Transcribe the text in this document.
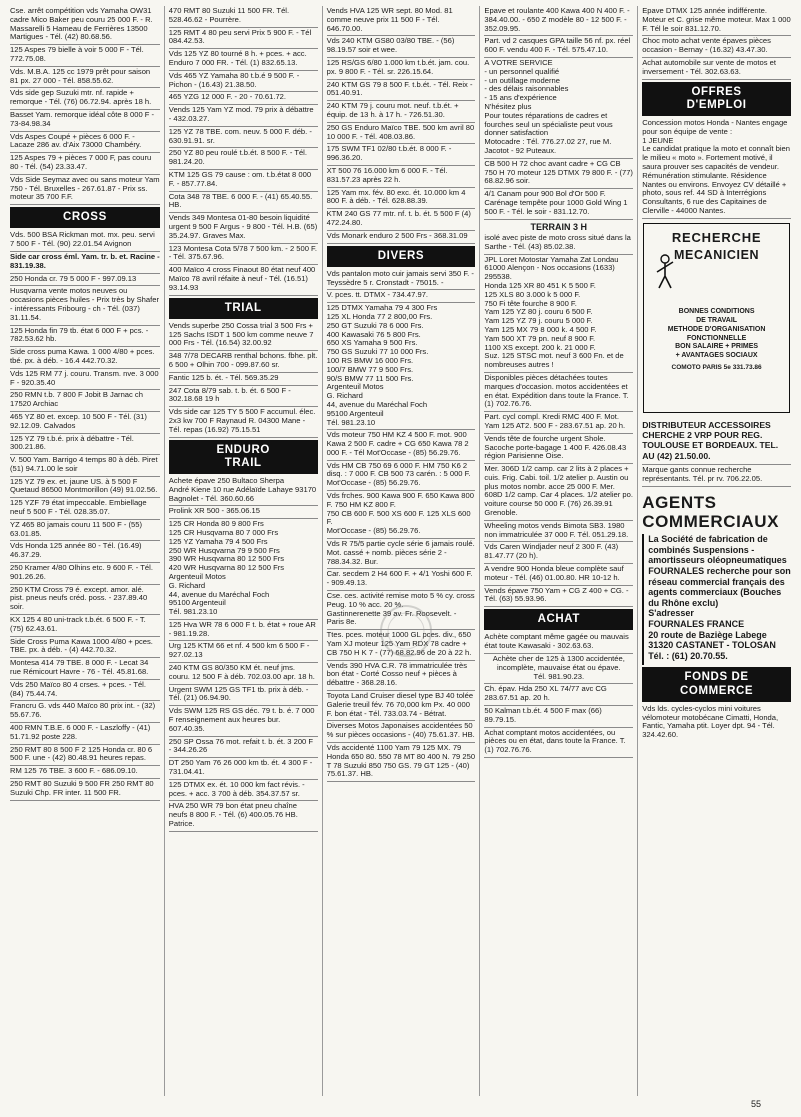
Cse. arrêt compétition vds Yamaha OW31 cadre Mico Baker peu couru 25 000 F. - R. Massarelli 5 Hameau de Ferrières 13500 Martigues - Tél. (42) 80.68.56.
125 Aspes 79 bielle à voir 5 000 F - Tél. 772.75.08.
Vds. M.B.A. 125 cc 1979 prêt pour saison 81 px. 27 000 - Tél. 858.55.62.
Vds side gep Suzuki mtr. nf. rapide + remorque - Tél. (76) 06.72.94. après 18 h.
Basset Yam. remorque idéal côte 8 000 F - 73-84.98.34
Vds Aspes Coupé + pièces 6 000 F. - Lacaze 286 av. d'Aix 73000 Chambéry.
125 Aspes 79 + pièces 7 000 F, pas couru 80 - Tél. (54) 23.33.47.
Vds Side Seymaz avec ou sans moteur Yam 750 - Tél. Bruxelles - 267.61.87 - Prix ss. moteur 35 700 F.F.
CROSS
Vds. 500 BSA Rickman mot. mx. peu. servi 7 500 F - Tél. (90) 22.01.54 Avignon
Side car cross éml. Yam. tr. b. et. Racine - 831.19.38.
250 Honda cr. 79 5 000 F - 997.09.13
Husqvarna vente motos neuves ou occasions pièces huiles - Prix très by Shafer - intéressants Fribourg - ch - Tél. (037) 31.11.54.
125 Honda fin 79 tb. état 6 000 F + pcs. - 782.53.62 hb.
Side cross puma Kawa. 1 000 4/80 + pces. tbé. px. à déb. - 16.4 442.70.32.
Vds 125 RM 77 j. couru. Transm. nve. 3 000 F - 920.35.40
250 RMN t.b. 7 800 F Jobit B Jarnac ch 17520 Archiac
465 YZ 80 et. excep. 10 500 F - Tél. (31) 92.12.09. Calvados
125 YZ 79 t.b.é. prix à débattre - Tél. 300.21.86.
V. 500 Yam. Barrigo 4 temps 80 à déb. Piret (51) 94.71.00 le soir
125 YZ 79 ex. et. jaune US. à 5 500 F Quetaud 86500 Montmorillon (49) 91.02.56.
125 YZF 79 état impeccable. Embiellage neuf 5 500 F - Tél. 028.35.07.
YZ 465 80 jamais couru 11 500 F - (55) 63.01.85.
Vds Honda 125 année 80 - Tél. (16.49) 46.37.29.
250 Kramer 4/80 Olhins etc. 9 600 F. - Tél. 901.26.26.
250 KTM Cross 79 é. except. amor. alé. pist. pneus neufs créd. poss. - 237.89.40 soir.
KX 125 4 80 uni-track t.b.ét. 6 500 F. - T. (75) 62.43.61.
Side Cross Puma Kawa 1000 4/80 + pces. TBE. px. à déb. - (4) 442.70.32.
Montesa 414 79 TBE. 8 000 F. - Lecat 34 rue Rémicourt Havre - 76 - Tél. 45.81.68.
Vds 250 Maïco 80 4 crses. + pces. - Tél. (84) 75.44.74.
Francru G. vds 440 Maïco 80 prix int. - (32) 55.67.76.
400 RMN T.B.E. 6 000 F. - Laszloffy - (41) 51.71.92 poste 228.
250 RMT 80 8 500 F 2 125 Honda cr. 80 6 500 F. une - (42) 80.48.91 heures repas.
RM 125 76 TBE. 3 600 F. - 686.09.10.
250 RMT 80 Suzuki 9 500 FR 250 RMT 80 Suzuki Chp. FR inter. 11 500 FR.
470 RMT 80 Suzuki 11 500 FR. Tél. 528.46.62 - Pourrère.
125 RMT 4 80 peu servi Prix 5 900 F. - Tél 084.42.53.
Vds 125 YZ 80 tourné 8 h. + pces. + acc. Enduro 7 000 FR. - Tél. (1) 832.65.13.
Vds 465 YZ Yamaha 80 t.b.é 9 500 F. - Pichon - (16.43) 21.38.50.
465 YZG 12 000 F. - 20 - 70.61.72.
Vends 125 Yam YZ mod. 79 prix à débattre - 432.03.27.
125 YZ 78 TBE. com. neuv. 5 000 F. déb. - 630.91.91. sr.
250 YZ 80 peu roulé t.b.ét. 8 500 F. - Tél. 981.24.20.
KTM 125 GS 79 cause : om. t.b.état 8 000 F. - 857.77.84.
Cota 348 78 TBE. 6 000 F. - (41) 65.40.55. HB.
Vends 349 Montesa 01-80 besoin liquidité urgent 9 500 F Argus - 9 800 - Tél. H.B. (65) 35.24.97. Graves Max.
123 Montesa Cota 5/78 7 500 km. - 2 500 F. - Tél. 375.67.96.
400 Maïco 4 cross Finaout 80 état neuf 400 Maïco 78 avril réfaite à neuf - Tél. (16.51) 93.14.93
TRIAL
Vends superbe 250 Cossa trial 3 500 Frs + 125 Sachs ISDT 1 500 km comme neuve 7 000 Frs - Tél. (16.54) 32.00.92
348 7/78 DECARB renthal bchons. fbhe. plt. 6 500 + Olhin 700 - 099.87.60 sr.
Fantic 125 b. ét. - Tél. 569.35.29
247 Cota 8/79 sab. t. b. ét. 6 500 F - 302.18.68 19 h
Vds side car 125 TY 5 500 F accumul. élec. 2x3 kw 700 F Raynaud R. 04300 Mane - Tél. repas (16.92) 75.15.51
ENDURO
TRAIL
Achete épave 250 Bultaco Sherpa
André Kiene 10 rue Adélaïde Lahaye 93170 Bagnolet - Tél. 360.60.66
Prolink XR 500 - 365.06.15
125 CR Honda 80 9 800 Frs
125 CR Husqvarna 80 7 000 Frs
125 YZ Yamaha 79 4 500 Frs
250 WR Husqvarna 79 9 500 Frs
390 WR Husqvarna 80 12 500 Frs
420 WR Husqvarna 80 12 500 Frs
Argenteuil Motos
G. Richard
44, avenue du Maréchal Foch
95100 Argenteuil
Tél. 981.23.10
125 Hva WR 78 6 000 F t. b. état + roue AR - 981.19.28.
Urg 125 KTM 66 et nf. 4 500 km 6 500 F - 927.02.13
240 KTM GS 80/350 KM ét. neuf jms. couru. 12 500 F à déb. 702.03.00 apr. 18 h.
Urgent SWM 125 GS TF1 tb. prix à déb. - Tél. (21) 06.94.90.
Vds SWM 125 RS GS déc. 79 t. b. é. 7 000 F renseignement aux heures bur. 607.40.35.
250 SP Ossa 76 mot. refait t. b. ét. 3 200 F - 344.26.26
DT 250 Yam 76 26 000 km tb. ét. 4 300 F - 731.04.41.
125 DTMX ex. ét. 10 000 km fact révis. - pces. + acc. 3 700 à déb. 354.37.57 sr.
HVA 250 WR 79 bon état pneu chaîne neufs 8 800 F. - Tél. (6) 400.05.76 HB. Patrice.
Vends HVA 125 WR sept. 80 Mod. 81 comme neuve prix 11 500 F - Tél. 646.70.00.
Vds 240 KTM GS80 03/80 TBE. - (56) 98.19.57 soir et wee.
125 RS/GS 6/80 1.000 km t.b.ét. jam. cou. px. 9 800 F. - Tél. sr. 226.15.64.
240 KTM GS 79 8 500 F. t.b.ét. - Tél. Reix - 051.40.91.
240 KTM 79 j. couru mot. neuf. t.b.ét. + équip. de 13 h. à 17 h. - 726.51.30.
250 GS Enduro Maïco TBE. 500 km avril 80 10 000 F. - Tél. 408.03.86.
175 SWM TF1 02/80 t.b.ét. 8 000 F. - 996.36.20.
XT 500 76 16.000 km 6 000 F. - Tél. 831.57.23 après 22 h.
125 Yam mx. fév. 80 exc. ét. 10.000 km 4 800 F. à déb. - Tél. 628.88.39.
KTM 240 GS 77 mtr. nf. t. b. ét. 5 500 F (4) 472.24.80.
Vds Monark enduro 2 500 Frs - 368.31.09
DIVERS
Vds pantalon moto cuir jamais servi 350 F. - Teyssèdre 5 r. Cronstadt - 75015. -
V. pces. tt. DTMX - 734.47.97.
125 DTMX Yamaha 79 4 300 Frs
125 XL Honda 77 2 800,00 Frs.
250 GT Suzuki 78 6 000 Frs.
400 Kawasaki 76 5 800 Frs.
650 XS Yamaha 9 500 Frs.
750 GS Suzuki 77 10 000 Frs.
100 RS BMW 16 000 Frs.
100/7 BMW 77 9 500 Frs.
90/S BMW 77 11 500 Frs.
Argenteuil Motos
G. Richard
44, avenue du Maréchal Foch
95100 Argenteuil
Tél. 981.23.10
Vds moteur 750 HM KZ 4 500 F. mot. 900 Kawa 2 500 F. cadre + CG 650 Kawa 78 2 000 F. - Tél Mot'Occase - (85) 56.29.76.
Vds HM CB 750 69 6 000 F. HM 750 K6 2 disq. : 7 000 F. CB 500 73 carén. : 5 000 F. Mot'Occase - (85) 56.29.76.
Vds frches. 900 Kawa 900 F. 650 Kawa 800 F. 750 HM KZ 800 F.
750 CB 600 F. 500 XS 600 F. 125 XLS 600 F.
Mot'Occase - (85) 56.29.76.
Vds R 75/5 partie cycle série 6 jamais roulé. Mot. cassé + nomb. pièces série 2 - 788.34.32. Bur.
Car. secdem 2 H4 600 F. + 4/1 Yoshi 600 F. - 909.49.13.
Cse. ces. activité remise moto 5 % cy. cross Peug. 10 % acc. 20 %.
Gastinnerenette 39 av. Fr. Roosevelt. - Paris 8e.
Ttes. pces. moteur 1000 GL pces. div., 650 Yam XJ moteur 125 Yam RDX 78 cadre + CB 750 H K 7 - (77) 68.82.96 de 20 à 22 h.
Vends 390 HVA C.R. 78 immatriculée très bon état - Corté Cosso neuf + pièces à débattre - 368.28.16.
Toyota Land Cruiser diesel type BJ 40 tolée Galerie treuil fév. 76 70,000 km Px. 40 000 F. bon état - Tél. 733.03.74 - Bétrat.
Diverses Motos Japonaises accidentées 50 % sur pièces occasions - (40) 75.61.37. HB.
Vds accidenté 1100 Yam 79 125 MX. 79 Honda 650 80. 550 78 MT 80 400 N. 79 250 T 78 Suzuki 850 750 GS. 79 GT 125 - (40) 75.61.37. HB.
Epave et roulante 400 Kawa 400 N 400 F. - 384.40.00. - 650 Z modèle 80 - 12 500 F. - 352.09.95.
Part. vd 2 casques GPA taille 56 nf. px. réel 600 F. vendu 400 F. - Tél. 575.47.10.
A VOTRE SERVICE
- un personnel qualifié
- un outillage moderne
- des délais raisonnables
- 15 ans d'expérience
N'hésitez plus
Pour toutes réparations de cadres et fourches seul un spécialiste peut vous donner satisfaction
Motocadre : Tél. 776.27.02 27, rue M. Jacotot - 92 Puteaux.
CB 500 H 72 choc avant cadre + CG CB 750 H 70 moteur 125 DTMX 79 800 F. - (77) 68.82.96 soir.
4/1 Canam pour 900 Bol d'Or 500 F. Carénage tempête pour 1000 Gold Wing 1 500 F. - Tél. le soir - 831.12.70.
TERRAIN 3 H
isolé avec piste de moto cross situé dans la Sarthe - Tél. (43) 85.02.38.
JPL Loret Motostar Yamaha Zat Londau 61000 Alençon - Nos occasions (1633) 295538.
Honda 125 XR 80 451 K 5 500 F.
125 XLS 80 3.000 k 5 000 F.
750 Fi tête fourche 8 900 F.
Yam 125 YZ 80 j. couru 6 500 F.
Yam 125 YZ 79 j. couru 5 000 F.
Yam 125 MX 79 8 000 k. 4 500 F.
Yam 500 XT 79 pn. neuf 8 900 F.
1100 XS except. 200 k. 21 000 F.
Suz. 125 STSC mot. neuf 3 600 Fn. et de nombreuses autres !
Disponibles pièces détachées toutes marques d'occasion. motos accidentées et en état. Expédition dans toute la France. T. (1) 702.76.76.
Part. cycl compl. Kredi RMC 400 F. Mot. Yam 125 AT2. 500 F - 283.67.51 ap. 20 h.
Vends tête de fourche urgent Shole. Sacoche porte-bagage 1 400 F. 426.08.43 région Parisienne Oise.
Mer. 306D 1/2 camp. car 2 lits à 2 places + cuis. Frig. Cabi. toil. 1/2 atelier p. Austin ou plus motos nombr. acce 25 000 F. Mer. 608D 1/2 camp. Car 4 places. 1/2 atelier po. voiture course 50 000 F. (76) 26.39.91 Grenoble.
Wheeling motos vends Bimota SB3. 1980 non immatriculée 37 000 F. Tél. 051.29.18.
Vds Caren Windjader neuf 2 300 F. (43) 81.47.77 (20 h).
A vendre 900 Honda bleue complète sauf moteur - Tél. (46) 01.00.80. HR 10-12 h.
Vends épave 750 Yam + CG Z 400 + CG. - Tél. (63) 55.93.96.
ACHAT
Achète comptant même gagée ou mauvais état toute Kawasaki - 302.63.63.
Achète cher de 125 à 1300 accidentée, incomplète, mauvaise état ou épave.
Tél. 981.90.23.
Ch. épav. Hda 250 XL 74/77 avc CG 283.67.51 ap. 20 h.
50 Kalman t.b.ét. 4 500 F max (66) 89.79.15.
Achat comptant motos accidentées, ou pièces ou en état, dans toute la France. T. (1) 702.76.76.
Epave DTMX 125 année indifférente. Moteur et C. grise même moteur. Max 1 000 F. Tél le soir 831.12.70.
Choc moto achat vente épaves pièces occasion - Bernay - (16.32) 43.47.30.
Achat automobile sur vente de motos et inversement - Tél. 302.63.63.
OFFRES
D'EMPLOI
Concession motos Honda - Nantes engage pour son équipe de vente :
1 JEUNE
Le candidat pratique la moto et connaît bien le milieu « moto ». Fortement motivé, il saura prouver ses capacités de vendeur. Rémunération stimulante. Résidence Nantes ou environs. Envoyez CV détaillé + photo, sous ref. 44 SD à Interrégions Consultants, 6 rue des Capitaines de Clerville - 44000 Nantes.
RECHERCHE
MECANICIEN
BONNES CONDITIONS
DE TRAVAIL
METHODE D'ORGANISATION
FONCTIONNELLE
BON SALAIRE + PRIMES
+ AVANTAGES SOCIAUX
COMOTO PARIS 5e 331.73.86
DISTRIBUTEUR ACCESSOIRES CHERCHE 2 VRP POUR REG. TOULOUSE ET BORDEAUX. TEL. AU (42) 21.50.00.
Marque gants connue recherche représentants. Tél. pr rv. 706.22.05.
AGENTS
COMMERCIAUX
La Société de fabrication de combinés Suspensions - amortisseurs oléopneumatiques
FOURNALES recherche pour son réseau commercial français des agents commerciaux (Bouches du Rhône exclu)
S'adresser
FOURNALES FRANCE
20 route de Baziège Labege
31320 CASTANET - TOLOSAN
Tél. : (61) 20.70.55.
FONDS DE
COMMERCE
Vds lds. cycles-cyclos mini voitures vélomoteur motobécane Cimatti, Honda, Fantic, Yamaha ptit. Loyer dpt. 94 - Tél. 324.42.60.
55
